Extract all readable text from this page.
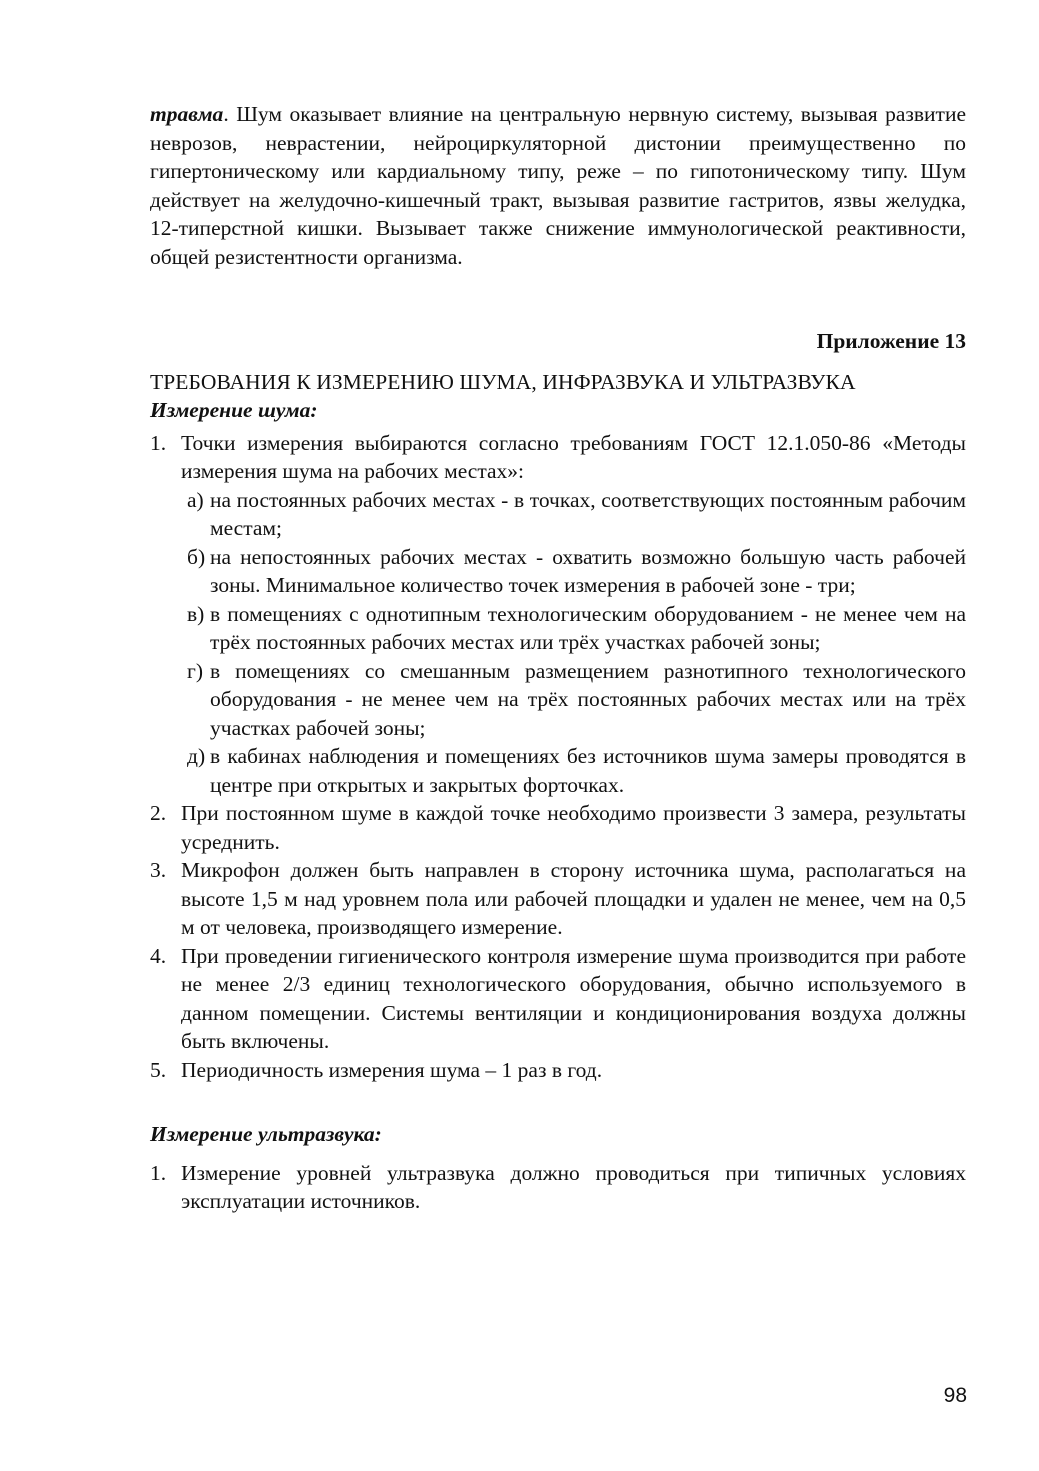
травма. Шум оказывает влияние на центральную нервную систему, вызывая развитие неврозов, неврастении, нейроциркуляторной дистонии преимущественно по гипертоническому или кардиальному типу, реже – по гипотоническому типу. Шум действует на желудочно-кишечный тракт, вызывая развитие гастритов, язвы желудка, 12-типерстной кишки. Вызывает также снижение иммунологической реактивности, общей резистентности организма.

Приложение 13

ТРЕБОВАНИЯ К ИЗМЕРЕНИЮ ШУМА, ИНФРАЗВУКА И УЛЬТРАЗВУКА

Измерение шума:

1. Точки измерения выбираются согласно требованиям ГОСТ 12.1.050-86 «Методы измерения шума на рабочих местах»:
а) на постоянных рабочих местах - в точках, соответствующих постоянным рабочим местам;
б) на непостоянных рабочих местах - охватить возможно большую часть рабочей зоны. Минимальное количество точек измерения в рабочей зоне - три;
в) в помещениях с однотипным технологическим оборудованием - не менее чем на трёх постоянных рабочих местах или трёх участках рабочей зоны;
г) в помещениях со смешанным размещением разнотипного технологического оборудования - не менее чем на трёх постоянных рабочих местах или на трёх участках рабочей зоны;
д) в кабинах наблюдения и помещениях без источников шума замеры проводятся в центре при открытых и закрытых форточках.
2. При постоянном шуме в каждой точке необходимо произвести 3 замера, результаты усреднить.
3. Микрофон должен быть направлен в сторону источника шума, располагаться на высоте 1,5 м над уровнем пола или рабочей площадки и удален не менее, чем на 0,5 м от человека, производящего измерение.
4. При проведении гигиенического контроля измерение шума производится при работе не менее 2/3 единиц технологического оборудования, обычно используемого в данном помещении. Системы вентиляции и кондиционирования воздуха должны быть включены.
5. Периодичность измерения шума – 1 раз в год.

Измерение ультразвука:

1. Измерение уровней ультразвука должно проводиться при типичных условиях эксплуатации источников.
98
